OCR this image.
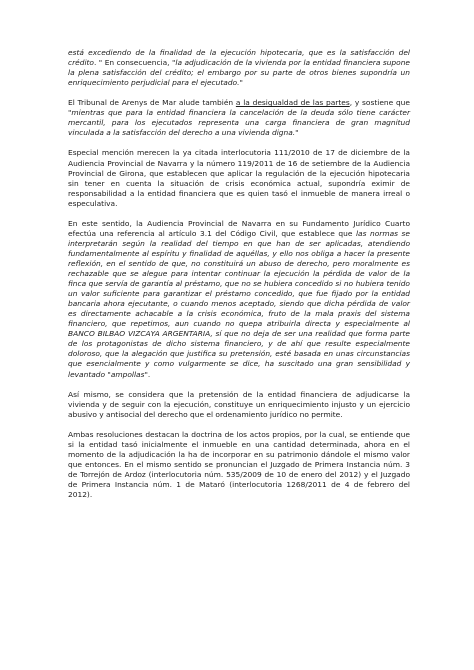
está excediendo de la finalidad de la ejecución hipotecaria, que es la satisfacción del crédito. " En consecuencia, "la adjudicación de la vivienda por la entidad financiera supone la plena satisfacción del crédito; el embargo por su parte de otros bienes supondría un enriquecimiento perjudicial para el ejecutado."

El Tribunal de Arenys de Mar alude también a la desigualdad de las partes, y sostiene que "mientras que para la entidad financiera la cancelación de la deuda sólo tiene carácter mercantil, para los ejecutados representa una carga financiera de gran magnitud vinculada a la satisfacción del derecho a una vivienda digna."

Especial mención merecen la ya citada interlocutoria 111/2010 de 17 de diciembre de la Audiencia Provincial de Navarra y la número 119/2011 de 16 de setiembre de la Audiencia Provincial de Girona, que establecen que aplicar la regulación de la ejecución hipotecaria sin tener en cuenta la situación de crisis económica actual, supondría eximir de responsabilidad a la entidad financiera que es quien tasó el inmueble de manera irreal o especulativa.

En este sentido, la Audiencia Provincial de Navarra en su Fundamento Jurídico Cuarto efectúa una referencia al artículo 3.1 del Código Civil, que establece que las normas se interpretarán según la realidad del tiempo en que han de ser aplicadas, atendiendo fundamentalmente al espíritu y finalidad de aquéllas, y ello nos obliga a hacer la presente reflexión, en el sentido de que, no constituirá un abuso de derecho, pero moralmente es rechazable que se alegue para intentar continuar la ejecución la pérdida de valor de la finca que servía de garantía al préstamo, que no se hubiera concedido si no hubiera tenido un valor suficiente para garantizar el préstamo concedido, que fue fijado por la entidad bancaria ahora ejecutante, o cuando menos aceptado, siendo que dicha pérdida de valor es directamente achacable a la crisis económica, fruto de la mala praxis del sistema financiero, que repetimos, aun cuando no quepa atribuirla directa y especialmente al BANCO BILBAO VIZCAYA ARGENTARIA, sí que no deja de ser una realidad que forma parte de los protagonistas de dicho sistema financiero, y de ahí que resulte especialmente doloroso, que la alegación que justifica su pretensión, esté basada en unas circunstancias que esencialmente y como vulgarmente se dice, ha suscitado una gran sensibilidad y levantado "ampollas".

Así mismo, se considera que la pretensión de la entidad financiera de adjudicarse la vivienda y de seguir con la ejecución, constituye un enriquecimiento injusto y un ejercicio abusivo y antisocial del derecho que el ordenamiento jurídico no permite.

Ambas resoluciones destacan la doctrina de los actos propios, por la cual, se entiende que si la entidad tasó inicialmente el inmueble en una cantidad determinada, ahora en el momento de la adjudicación la ha de incorporar en su patrimonio dándole el mismo valor que entonces. En el mismo sentido se pronuncian el Juzgado de Primera Instancia núm. 3 de Torrejón de Ardoz (interlocutoria núm. 535/2009 de 10 de enero del 2012) y el Juzgado de Primera Instancia núm. 1 de Mataró (interlocutoria 1268/2011 de 4 de febrero del 2012).
